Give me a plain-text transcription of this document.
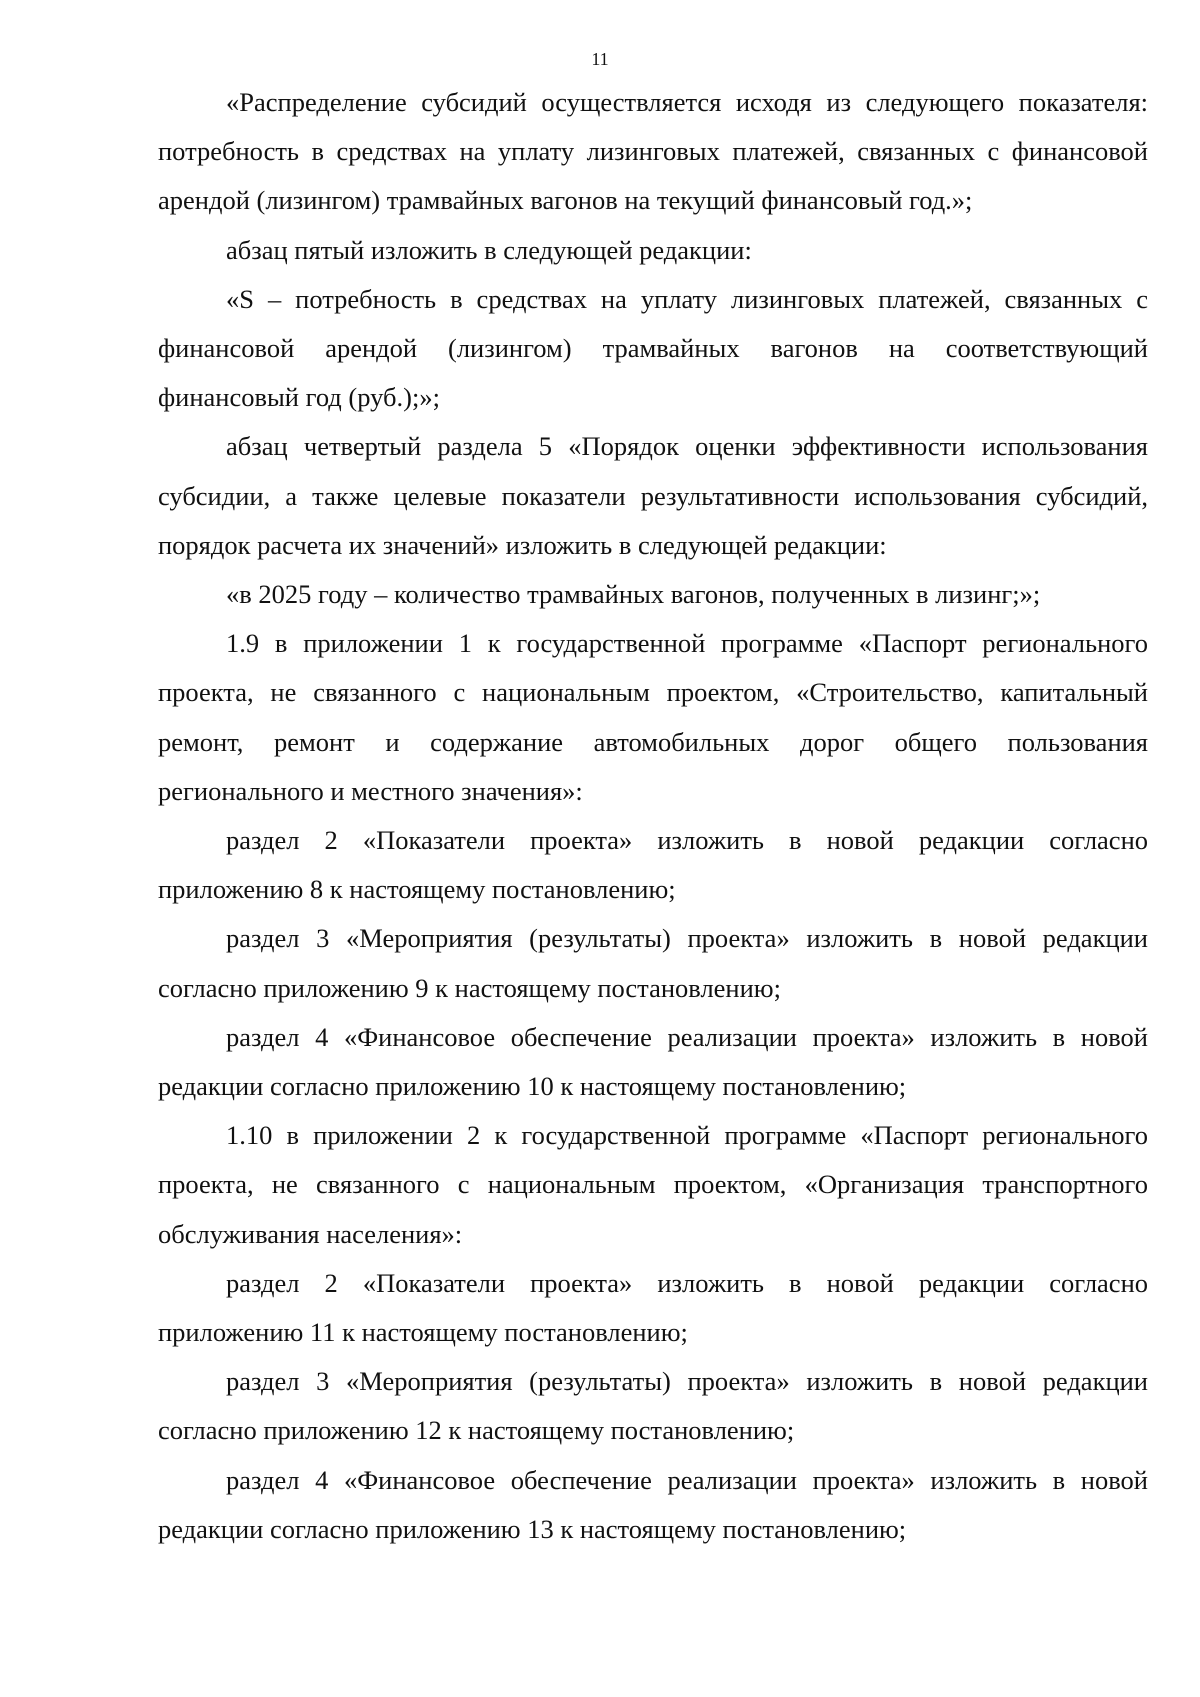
11

«Распределение субсидий осуществляется исходя из следующего показателя: потребность в средствах на уплату лизинговых платежей, связанных с финансовой арендой (лизингом) трамвайных вагонов на текущий финансовый год.»;

абзац пятый изложить в следующей редакции:

«S – потребность в средствах на уплату лизинговых платежей, связанных с финансовой арендой (лизингом) трамвайных вагонов на соответствующий финансовый год (руб.);»;

абзац четвертый раздела 5 «Порядок оценки эффективности использования субсидии, а также целевые показатели результативности использования субсидий, порядок расчета их значений» изложить в следующей редакции:

«в 2025 году – количество трамвайных вагонов, полученных в лизинг;»;

1.9 в приложении 1 к государственной программе «Паспорт регионального проекта, не связанного с национальным проектом, «Строительство, капитальный ремонт, ремонт и содержание автомобильных дорог общего пользования регионального и местного значения»:

раздел 2 «Показатели проекта» изложить в новой редакции согласно приложению 8 к настоящему постановлению;

раздел 3 «Мероприятия (результаты) проекта» изложить в новой редакции согласно приложению 9 к настоящему постановлению;

раздел 4 «Финансовое обеспечение реализации проекта» изложить в новой редакции согласно приложению 10 к настоящему постановлению;

1.10 в приложении 2 к государственной программе «Паспорт регионального проекта, не связанного с национальным проектом, «Организация транспортного обслуживания населения»:

раздел 2 «Показатели проекта» изложить в новой редакции согласно приложению 11 к настоящему постановлению;

раздел 3 «Мероприятия (результаты) проекта» изложить в новой редакции согласно приложению 12 к настоящему постановлению;

раздел 4 «Финансовое обеспечение реализации проекта» изложить в новой редакции согласно приложению 13 к настоящему постановлению;
